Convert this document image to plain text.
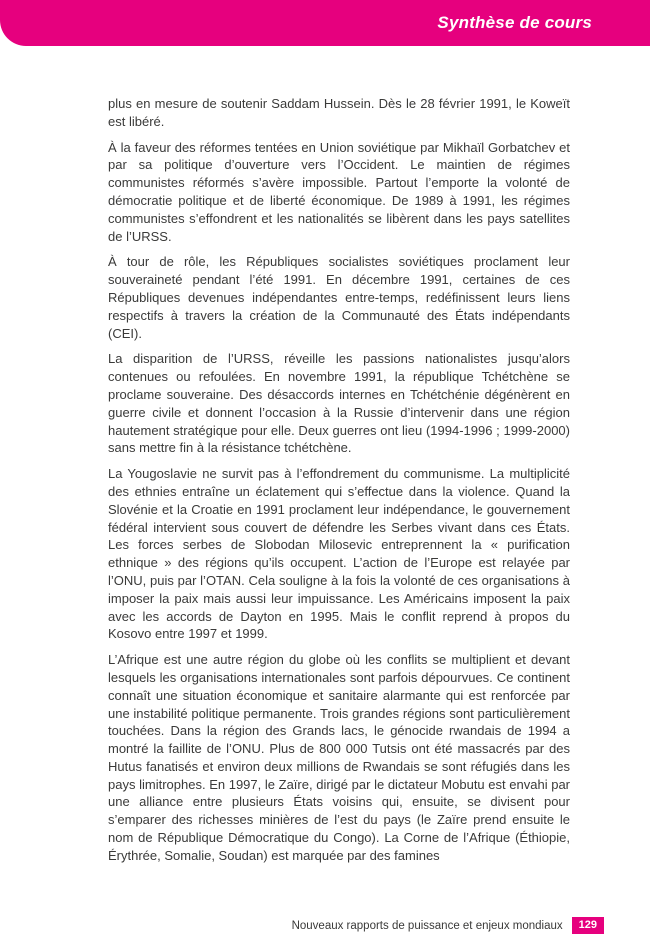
Synthèse de cours

plus en mesure de soutenir Saddam Hussein. Dès le 28 février 1991, le Koweït est libéré.

À la faveur des réformes tentées en Union soviétique par Mikhaïl Gorbatchev et par sa politique d’ouverture vers l’Occident. Le maintien de régimes communistes réformés s’avère impossible. Partout l’emporte la volonté de démocratie politique et de liberté économique. De 1989 à 1991, les régimes communistes s’effondrent et les nationalités se libèrent dans les pays satellites de l’URSS.

À tour de rôle, les Républiques socialistes soviétiques proclament leur souveraineté pendant l’été 1991. En décembre 1991, certaines de ces Républiques devenues indépendantes entre-temps, redéfinissent leurs liens respectifs à travers la création de la Communauté des États indépendants (CEI).

La disparition de l’URSS, réveille les passions nationalistes jusqu’alors contenues ou refoulées. En novembre 1991, la république Tchétchène se proclame souveraine. Des désaccords internes en Tchétchénie dégénèrent en guerre civile et donnent l’occasion à la Russie d’intervenir dans une région hautement stratégique pour elle. Deux guerres ont lieu (1994-1996 ; 1999-2000) sans mettre fin à la résistance tchétchène.

La Yougoslavie ne survit pas à l’effondrement du communisme. La multiplicité des ethnies entraîne un éclatement qui s’effectue dans la violence. Quand la Slovénie et la Croatie en 1991 proclament leur indépendance, le gouvernement fédéral intervient sous couvert de défendre les Serbes vivant dans ces États. Les forces serbes de Slobodan Milosevic entreprennent la « purification ethnique » des régions qu’ils occupent. L’action de l’Europe est relayée par l’ONU, puis par l’OTAN. Cela souligne à la fois la volonté de ces organisations à imposer la paix mais aussi leur impuissance. Les Américains imposent la paix avec les accords de Dayton en 1995. Mais le conflit reprend à propos du Kosovo entre 1997 et 1999.

L’Afrique est une autre région du globe où les conflits se multiplient et devant lesquels les organisations internationales sont parfois dépourvues. Ce continent connaît une situation économique et sanitaire alarmante qui est renforcée par une instabilité politique permanente. Trois grandes régions sont particulièrement touchées. Dans la région des Grands lacs, le génocide rwandais de 1994 a montré la faillite de l’ONU. Plus de 800 000 Tutsis ont été massacrés par des Hutus fanatisés et environ deux millions de Rwandais se sont réfugiés dans les pays limitrophes. En 1997, le Zaïre, dirigé par le dictateur Mobutu est envahi par une alliance entre plusieurs États voisins qui, ensuite, se divisent pour s’emparer des richesses minières de l’est du pays (le Zaïre prend ensuite le nom de République Démocratique du Congo). La Corne de l’Afrique (Éthiopie, Érythrée, Somalie, Soudan) est marquée par des famines

Nouveaux rapports de puissance et enjeux mondiaux	129
